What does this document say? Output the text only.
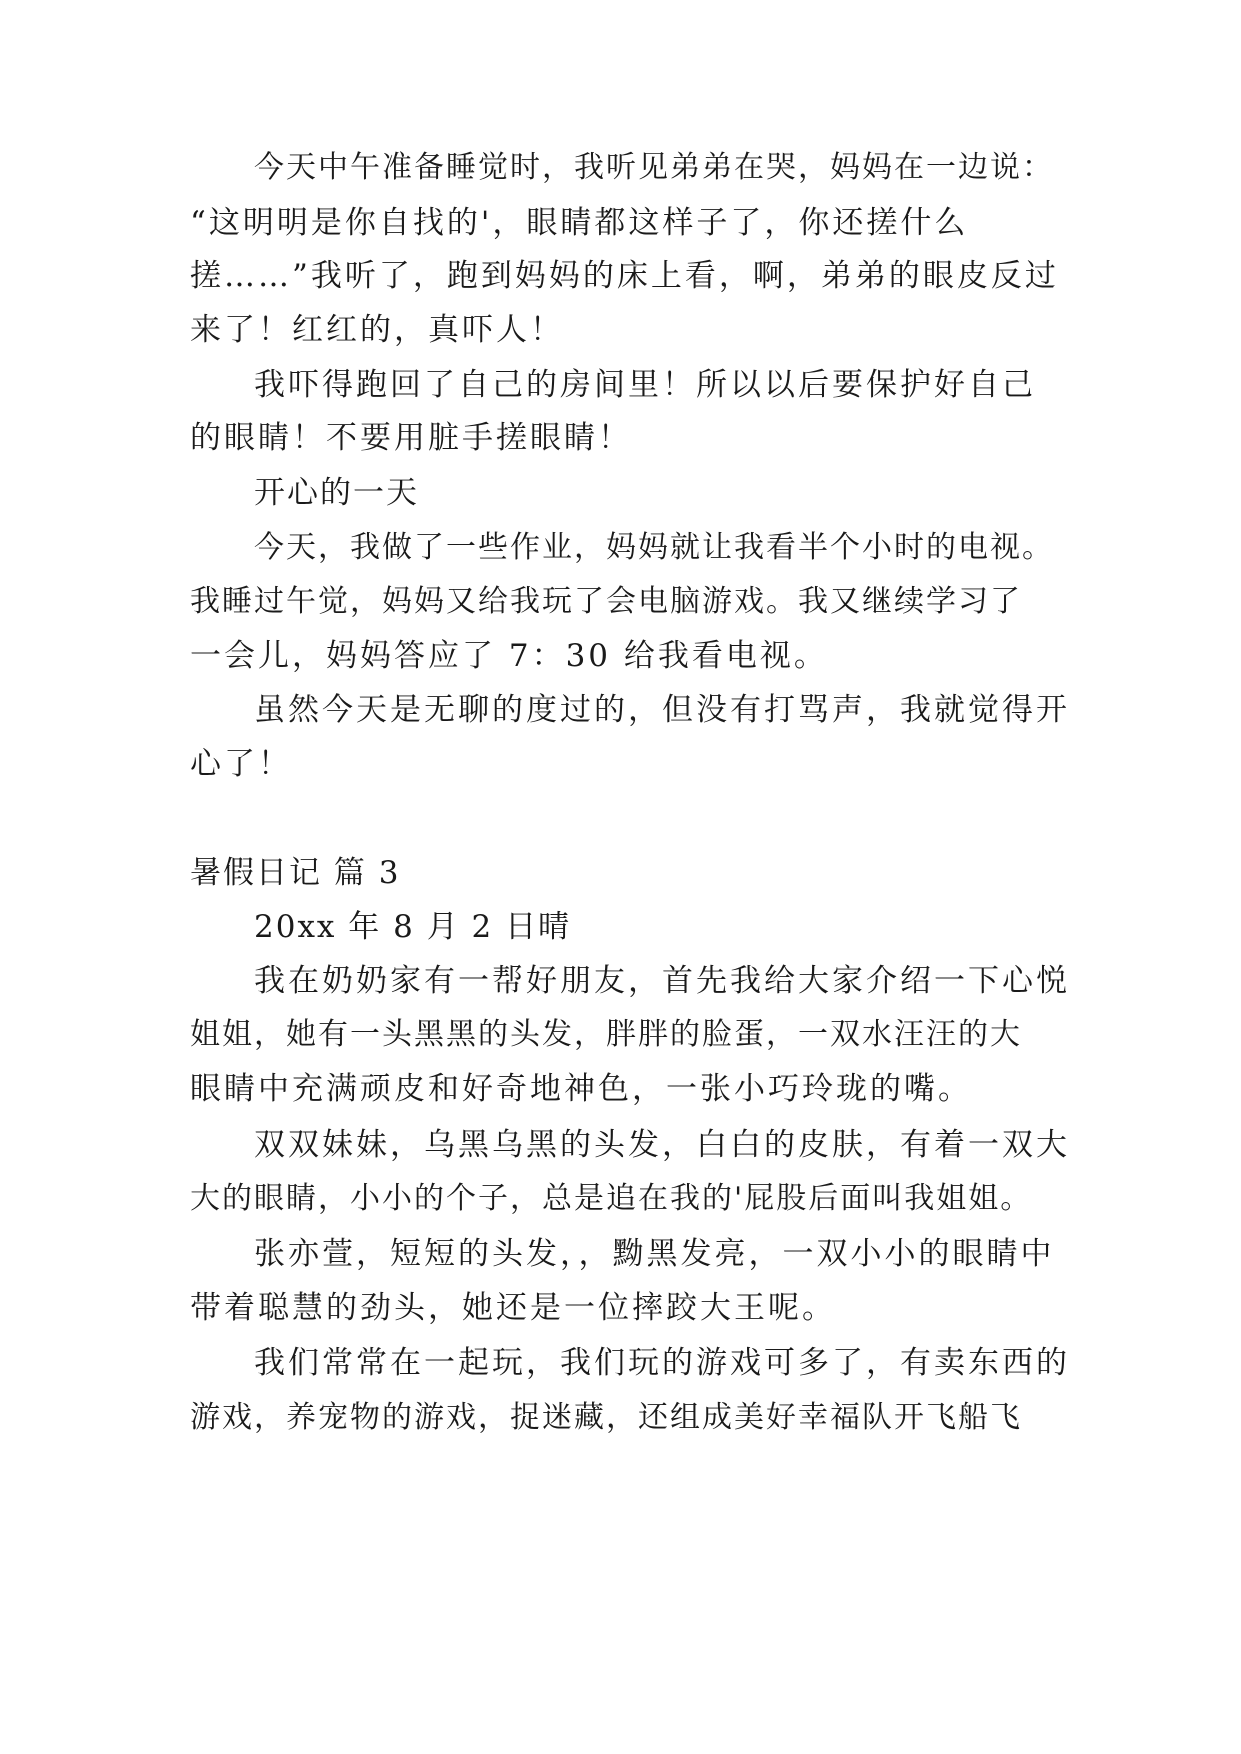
今天中午准备睡觉时，我听见弟弟在哭，妈妈在一边说：
“这明明是你自找的'，眼睛都这样子了，你还搓什么
搓……”我听了，跑到妈妈的床上看，啊，弟弟的眼皮反过
来了！红红的，真吓人！
我吓得跑回了自己的房间里！所以以后要保护好自己
的眼睛！不要用脏手搓眼睛！
开心的一天
今天，我做了一些作业，妈妈就让我看半个小时的电视。
我睡过午觉，妈妈又给我玩了会电脑游戏。我又继续学习了
一会儿，妈妈答应了 7：30 给我看电视。
虽然今天是无聊的度过的，但没有打骂声，我就觉得开
心了！
暑假日记 篇 3
20xx 年 8 月 2 日晴
我在奶奶家有一帮好朋友，首先我给大家介绍一下心悦
姐姐，她有一头黑黑的头发，胖胖的脸蛋，一双水汪汪的大
眼睛中充满顽皮和好奇地神色，一张小巧玲珑的嘴。
双双妹妹，乌黑乌黑的头发，白白的皮肤，有着一双大
大的眼睛，小小的个子，总是追在我的'屁股后面叫我姐姐。
张亦萱，短短的头发，，黝黑发亮，一双小小的眼睛中
带着聪慧的劲头，她还是一位摔跤大王呢。
我们常常在一起玩，我们玩的游戏可多了，有卖东西的
游戏，养宠物的游戏，捉迷藏，还组成美好幸福队开飞船飞
